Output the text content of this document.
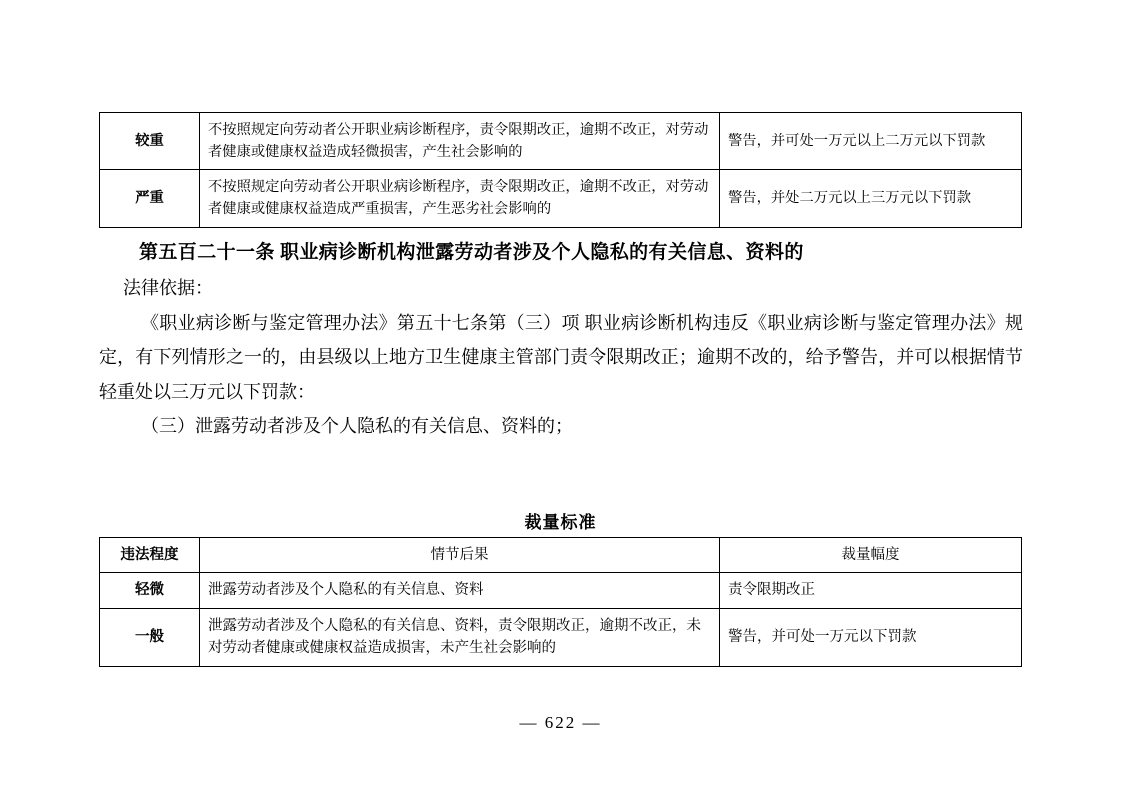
较重	不按照规定向劳动者公开职业病诊断程序，责令限期改正，逾期不改正，对劳动者健康或健康权益造成轻微损害，产生社会影响的	警告，并可处一万元以上二万元以下罚款
严重	不按照规定向劳动者公开职业病诊断程序，责令限期改正，逾期不改正，对劳动者健康或健康权益造成严重损害，产生恶劣社会影响的	警告，并处二万元以上三万元以下罚款
第五百二十一条 职业病诊断机构泄露劳动者涉及个人隐私的有关信息、资料的
法律依据：
《职业病诊断与鉴定管理办法》第五十七条第（三）项 职业病诊断机构违反《职业病诊断与鉴定管理办法》规定，有下列情形之一的，由县级以上地方卫生健康主管部门责令限期改正；逾期不改的，给予警告，并可以根据情节轻重处以三万元以下罚款：
（三）泄露劳动者涉及个人隐私的有关信息、资料的；
裁量标准
违法程度	情节后果	裁量幅度
轻微	泄露劳动者涉及个人隐私的有关信息、资料	责令限期改正
一般	泄露劳动者涉及个人隐私的有关信息、资料，责令限期改正，逾期不改正，未对劳动者健康或健康权益造成损害，未产生社会影响的	警告，并可处一万元以下罚款
— 622 —
